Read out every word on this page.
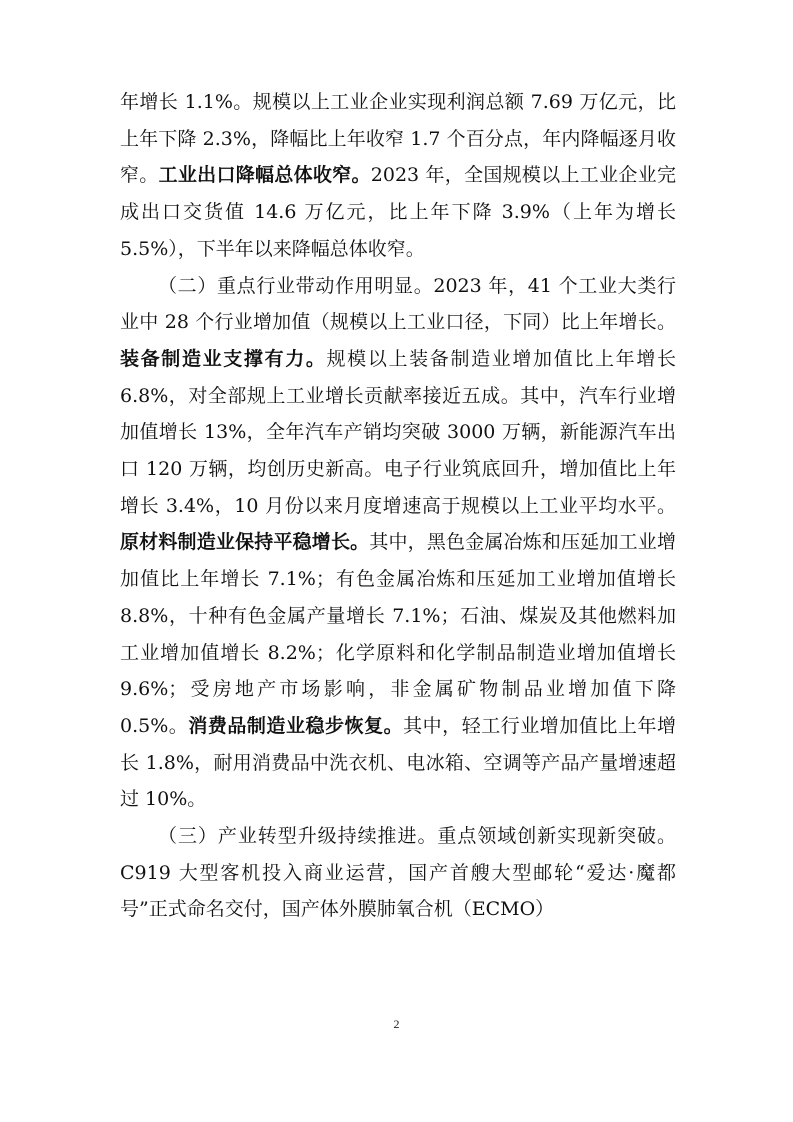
年增长 1.1%。规模以上工业企业实现利润总额 7.69 万亿元，比上年下降 2.3%，降幅比上年收窄 1.7 个百分点，年内降幅逐月收窄。工业出口降幅总体收窄。2023 年，全国规模以上工业企业完成出口交货值 14.6 万亿元，比上年下降 3.9%（上年为增长 5.5%），下半年以来降幅总体收窄。

（二）重点行业带动作用明显。2023 年，41 个工业大类行业中 28 个行业增加值（规模以上工业口径，下同）比上年增长。装备制造业支撑有力。规模以上装备制造业增加值比上年增长 6.8%，对全部规上工业增长贡献率接近五成。其中，汽车行业增加值增长 13%，全年汽车产销均突破 3000 万辆，新能源汽车出口 120 万辆，均创历史新高。电子行业筑底回升，增加值比上年增长 3.4%，10 月份以来月度增速高于规模以上工业平均水平。原材料制造业保持平稳增长。其中，黑色金属冶炼和压延加工业增加值比上年增长 7.1%；有色金属冶炼和压延加工业增加值增长 8.8%，十种有色金属产量增长 7.1%；石油、煤炭及其他燃料加工业增加值增长 8.2%；化学原料和化学制品制造业增加值增长 9.6%；受房地产市场影响，非金属矿物制品业增加值下降 0.5%。消费品制造业稳步恢复。其中，轻工行业增加值比上年增长 1.8%，耐用消费品中洗衣机、电冰箱、空调等产品产量增速超过 10%。

（三）产业转型升级持续推进。重点领域创新实现新突破。C919 大型客机投入商业运营，国产首艘大型邮轮“爱达·魔都号”正式命名交付，国产体外膜肺氧合机（ECMO）

2
